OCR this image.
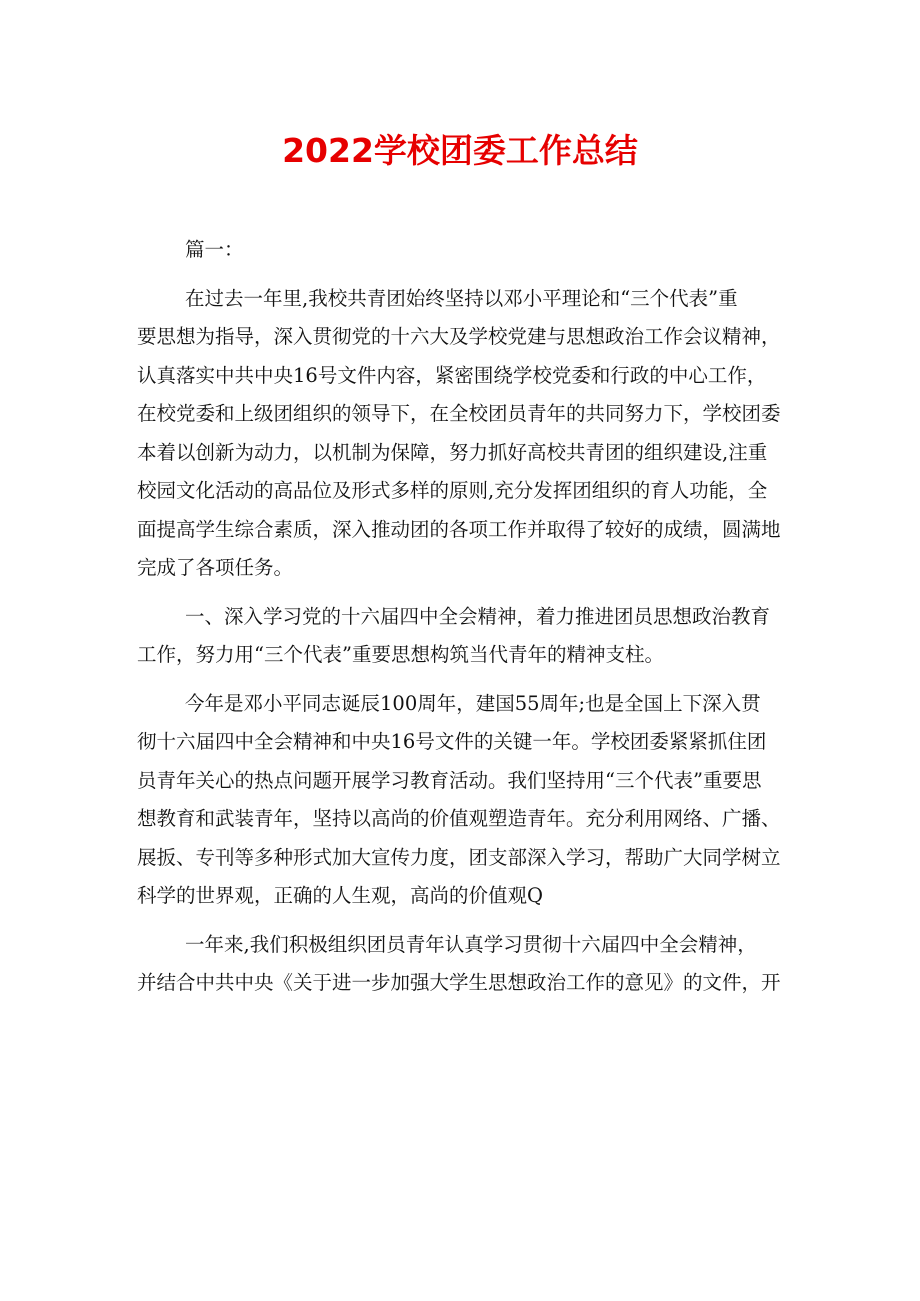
2022学校团委工作总结

篇一：

在过去一年里,我校共青团始终坚持以邓小平理论和“三个代表”重
要思想为指导，深入贯彻党的十六大及学校党建与思想政治工作会议精神，
认真落实中共中央16号文件内容，紧密围绕学校党委和行政的中心工作，
在校党委和上级团组织的领导下，在全校团员青年的共同努力下，学校团委
本着以创新为动力，以机制为保障，努力抓好高校共青团的组织建设,注重
校园文化活动的高品位及形式多样的原则,充分发挥团组织的育人功能，全
面提高学生综合素质，深入推动团的各项工作并取得了较好的成绩，圆满地
完成了各项任务。

一、深入学习党的十六届四中全会精神，着力推进团员思想政治教育
工作，努力用“三个代表”重要思想构筑当代青年的精神支柱。

今年是邓小平同志诞辰100周年，建国55周年;也是全国上下深入贯
彻十六届四中全会精神和中央16号文件的关键一年。学校团委紧紧抓住团
员青年关心的热点问题开展学习教育活动。我们坚持用“三个代表”重要思
想教育和武装青年，坚持以高尚的价值观塑造青年。充分利用网络、广播、
展扳、专刊等多种形式加大宣传力度，团支部深入学习，帮助广大同学树立
科学的世界观，正确的人生观，高尚的价值观Q

一年来,我们积极组织团员青年认真学习贯彻十六届四中全会精神，
并结合中共中央《关于进一步加强大学生思想政治工作的意见》的文件，开
